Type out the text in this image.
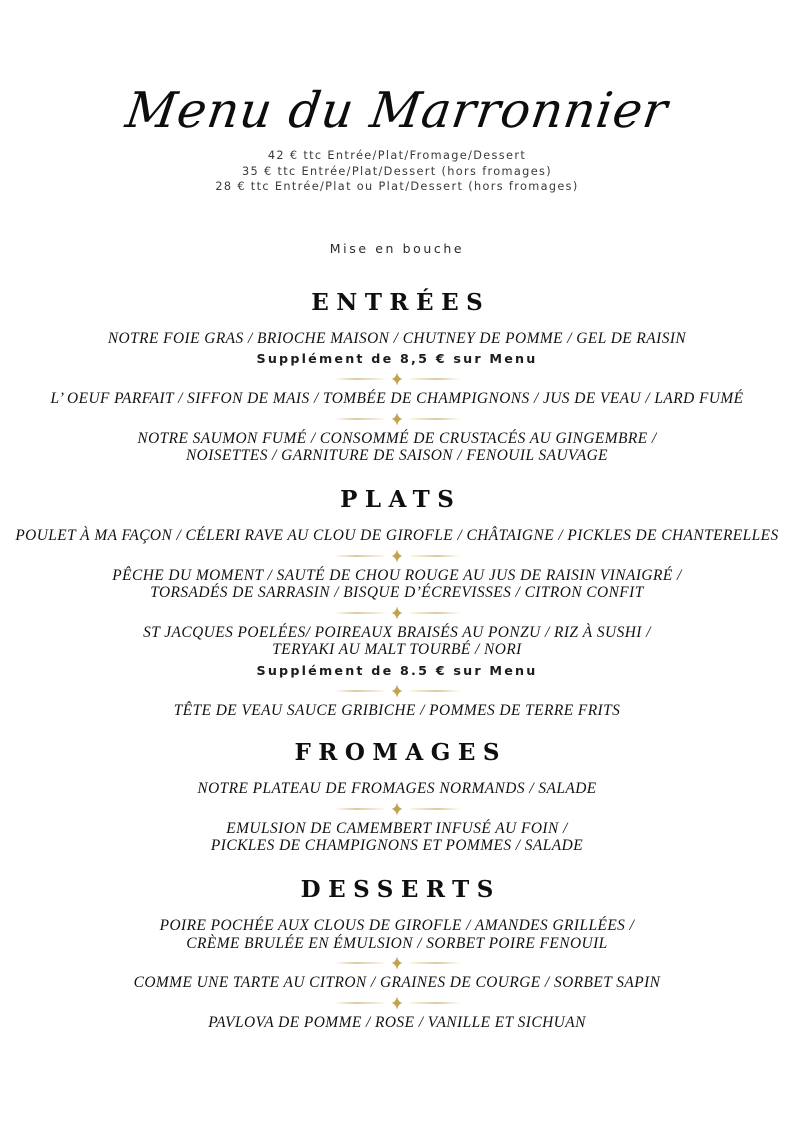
Menu du Marronnier
42 € ttc Entrée/Plat/Fromage/Dessert
35 € ttc Entrée/Plat/Dessert (hors fromages)
28 € ttc Entrée/Plat ou Plat/Dessert (hors fromages)
Mise en bouche
ENTRÉES
NOTRE FOIE GRAS / BRIOCHE MAISON / CHUTNEY DE POMME / GEL DE RAISIN
Supplément de 8,5 € sur Menu
L’ OEUF PARFAIT / SIFFON DE MAIS / TOMBÉE DE CHAMPIGNONS / JUS DE VEAU / LARD FUMÉ
NOTRE SAUMON FUMÉ / CONSOMMÉ DE CRUSTACÉS AU GINGEMBRE /
NOISETTES / GARNITURE DE SAISON / FENOUIL SAUVAGE
PLATS
POULET À MA FAÇON / CÉLERI RAVE AU CLOU DE GIROFLE / CHÂTAIGNE / PICKLES DE CHANTERELLES
PÊCHE DU MOMENT / SAUTÉ DE CHOU ROUGE AU JUS DE RAISIN VINAIGRÉ /
TORSADÉS DE SARRASIN / BISQUE D’ÉCREVISSES / CITRON CONFIT
ST JACQUES POELÉES/ POIREAUX BRAISÉS AU PONZU / RIZ À SUSHI /
TERYAKI AU MALT TOURBÉ / NORI
Supplément de 8.5 € sur Menu
TÊTE DE VEAU SAUCE GRIBICHE / POMMES DE TERRE FRITS
FROMAGES
NOTRE PLATEAU DE FROMAGES NORMANDS / SALADE
EMULSION DE CAMEMBERT INFUSÉ AU FOIN /
PICKLES DE CHAMPIGNONS ET POMMES / SALADE
DESSERTS
POIRE POCHÉE AUX CLOUS DE GIROFLE / AMANDES GRILLÉES /
CRÈME BRULÉE EN ÉMULSION / SORBET POIRE FENOUIL
COMME UNE TARTE AU CITRON / GRAINES DE COURGE / SORBET SAPIN
PAVLOVA DE POMME / ROSE / VANILLE ET SICHUAN
